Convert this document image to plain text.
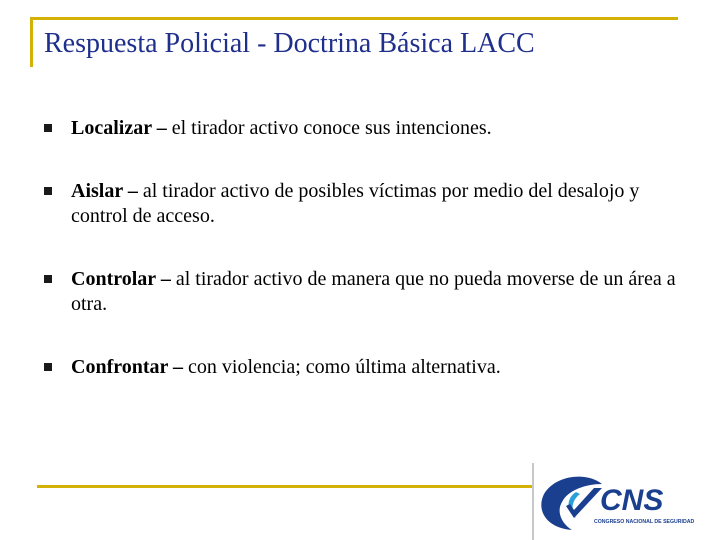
Respuesta Policial - Doctrina Básica LACC
Localizar – el tirador activo conoce sus intenciones.
Aislar – al tirador activo de posibles víctimas por medio del desalojo y control de acceso.
Controlar – al tirador activo de manera que no pueda moverse de un área a otra.
Confrontar – con violencia; como última alternativa.
CNS
CONGRESO NACIONAL DE SEGURIDAD
